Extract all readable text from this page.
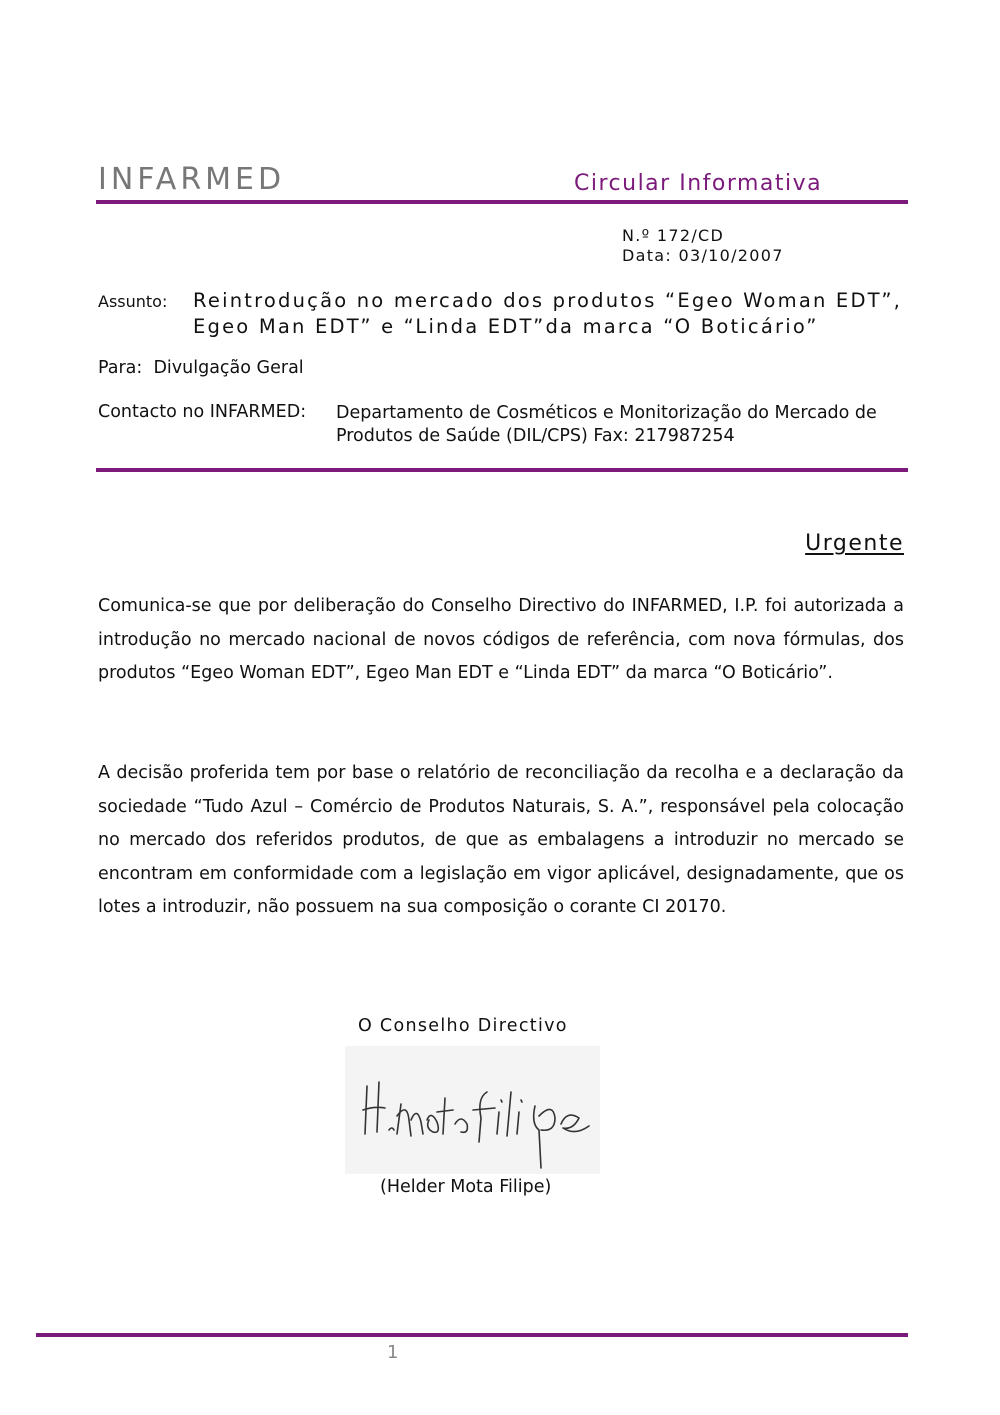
INFARMED	Circular Informativa
N.º 172/CD
Data: 03/10/2007
Assunto: Reintrodução no mercado dos produtos “Egeo Woman EDT”,
Egeo Man EDT” e “Linda EDT”da marca “O Boticário”
Para: Divulgação Geral
Contacto no INFARMED: Departamento de Cosméticos e Monitorização do Mercado de
Produtos de Saúde (DIL/CPS) Fax: 217987254
Urgente
Comunica-se que por deliberação do Conselho Directivo do INFARMED, I.P. foi autorizada a introdução no mercado nacional de novos códigos de referência, com nova fórmulas, dos produtos “Egeo Woman EDT”, Egeo Man EDT e “Linda EDT” da marca “O Boticário”.
A decisão proferida tem por base o relatório de reconciliação da recolha e a declaração da sociedade “Tudo Azul – Comércio de Produtos Naturais, S. A.”, responsável pela colocação no mercado dos referidos produtos, de que as embalagens a introduzir no mercado se encontram em conformidade com a legislação em vigor aplicável, designadamente, que os lotes a introduzir, não possuem na sua composição o corante CI 20170.
O Conselho Directivo
(Helder Mota Filipe)
1
